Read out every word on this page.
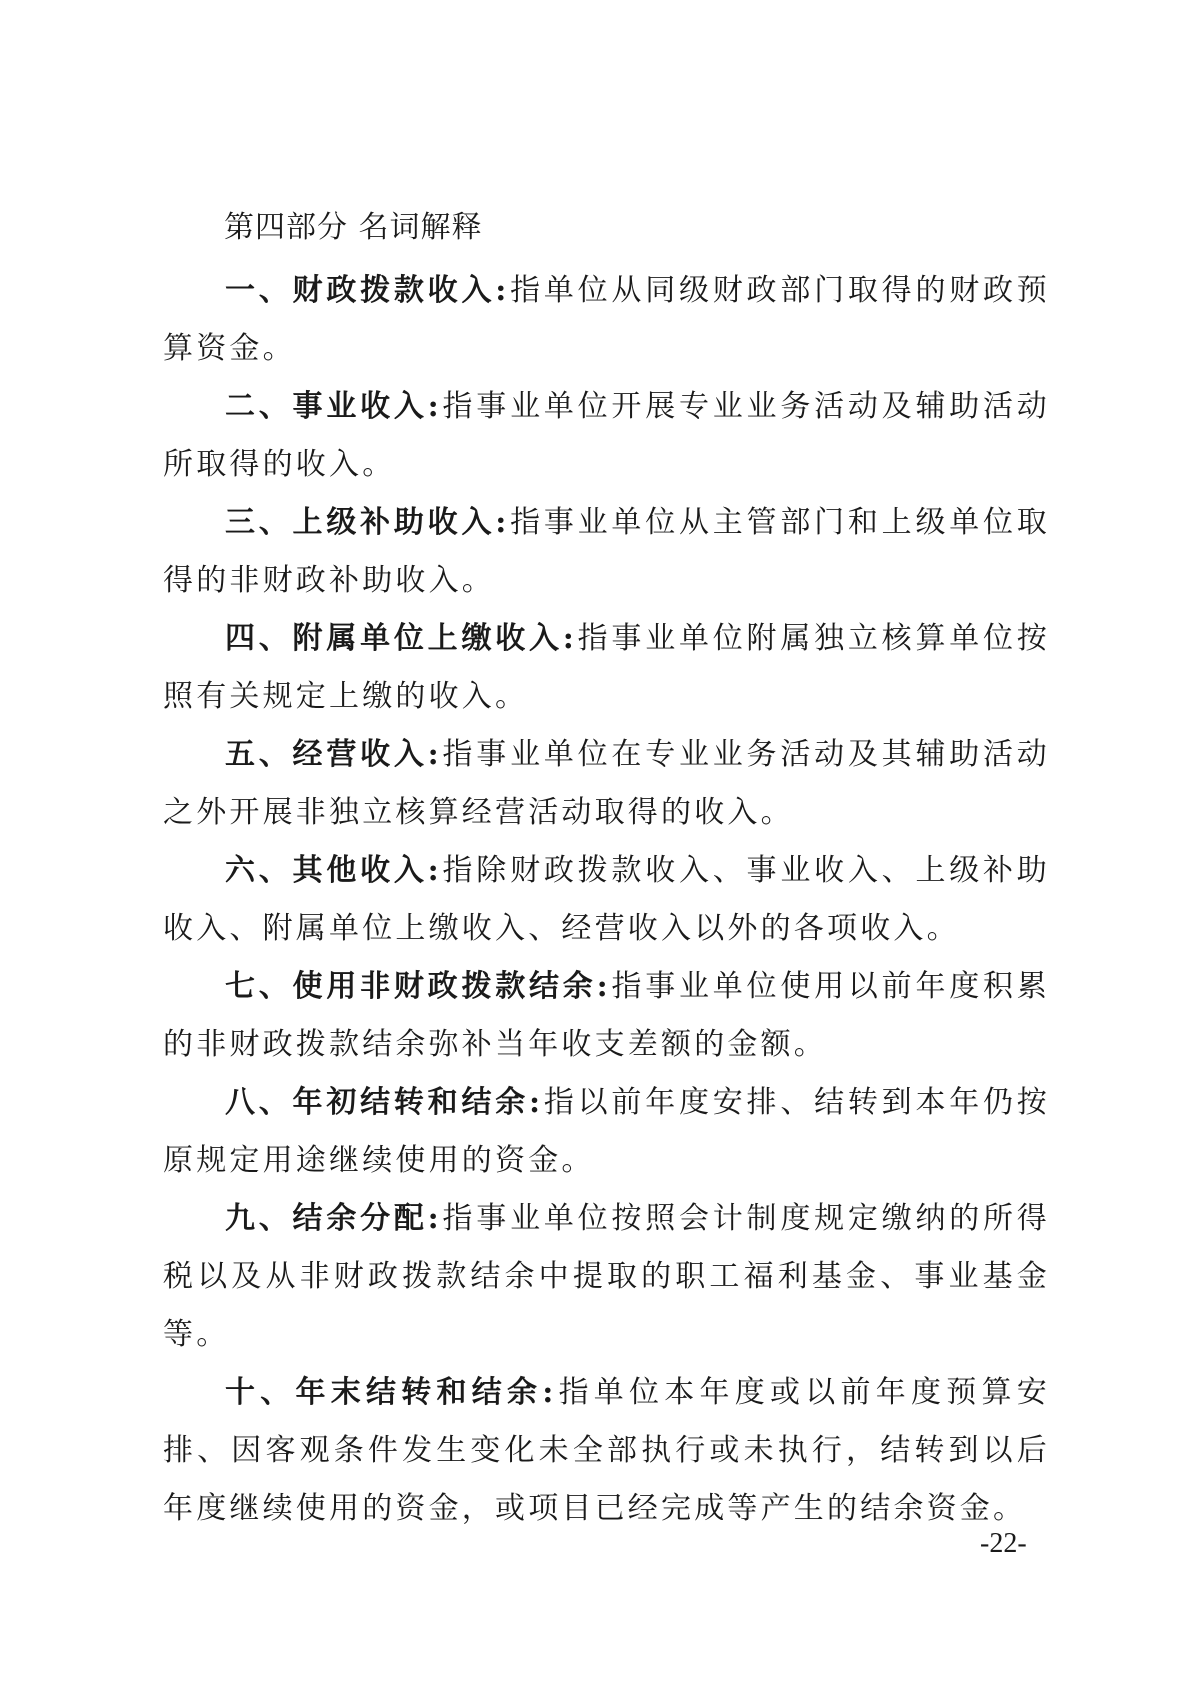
第四部分 名词解释

一、财政拨款收入:指单位从同级财政部门取得的财政预算资金。

二、事业收入:指事业单位开展专业业务活动及辅助活动所取得的收入。

三、上级补助收入:指事业单位从主管部门和上级单位取得的非财政补助收入。

四、附属单位上缴收入:指事业单位附属独立核算单位按照有关规定上缴的收入。

五、经营收入:指事业单位在专业业务活动及其辅助活动之外开展非独立核算经营活动取得的收入。

六、其他收入:指除财政拨款收入、事业收入、上级补助收入、附属单位上缴收入、经营收入以外的各项收入。

七、使用非财政拨款结余:指事业单位使用以前年度积累的非财政拨款结余弥补当年收支差额的金额。

八、年初结转和结余:指以前年度安排、结转到本年仍按原规定用途继续使用的资金。

九、结余分配:指事业单位按照会计制度规定缴纳的所得税以及从非财政拨款结余中提取的职工福利基金、事业基金等。

十、年末结转和结余:指单位本年度或以前年度预算安排、因客观条件发生变化未全部执行或未执行，结转到以后年度继续使用的资金，或项目已经完成等产生的结余资金。

-22-
